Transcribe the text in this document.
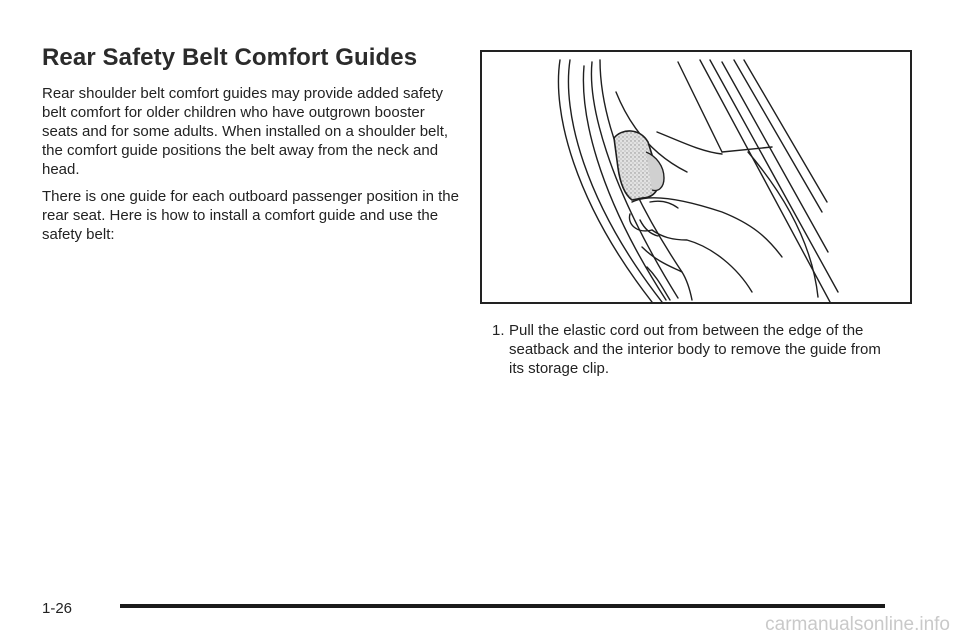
Rear Safety Belt Comfort Guides

Rear shoulder belt comfort guides may provide added safety belt comfort for older children who have outgrown booster seats and for some adults. When installed on a shoulder belt, the comfort guide positions the belt away from the neck and head.

There is one guide for each outboard passenger position in the rear seat. Here is how to install a comfort guide and use the safety belt:

1. Pull the elastic cord out from between the edge of the seatback and the interior body to remove the guide from its storage clip.
1-26
carmanualsonline.info
